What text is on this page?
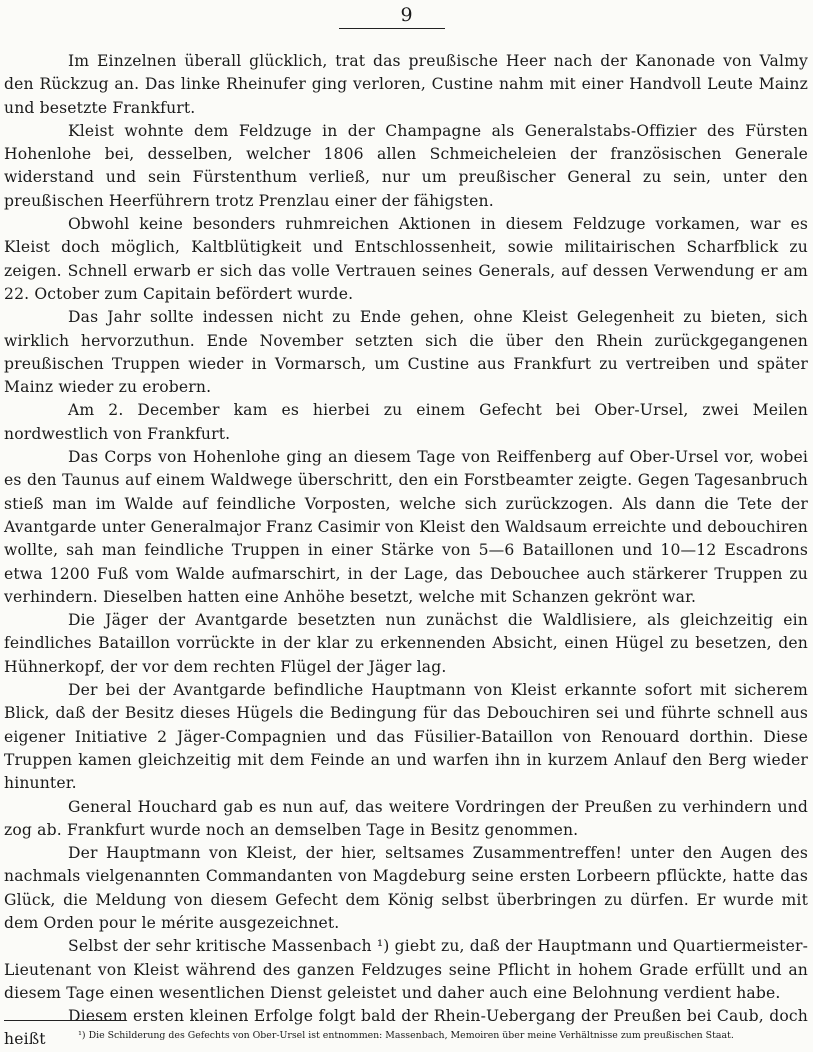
9

Im Einzelnen überall glücklich, trat das preußische Heer nach der Kanonade von Valmy den Rückzug an. Das linke Rheinufer ging verloren, Custine nahm mit einer Handvoll Leute Mainz und besetzte Frankfurt.

Kleist wohnte dem Feldzuge in der Champagne als Generalstabs-Offizier des Fürsten Hohenlohe bei, desselben, welcher 1806 allen Schmeicheleien der französischen Generale widerstand und sein Fürstenthum verließ, nur um preußischer General zu sein, unter den preußischen Heerführern trotz Prenzlau einer der fähigsten.

Obwohl keine besonders ruhmreichen Aktionen in diesem Feldzuge vorkamen, war es Kleist doch möglich, Kaltblütigkeit und Entschlossenheit, sowie militairischen Scharfblick zu zeigen. Schnell erwarb er sich das volle Vertrauen seines Generals, auf dessen Verwendung er am 22. October zum Capitain befördert wurde.

Das Jahr sollte indessen nicht zu Ende gehen, ohne Kleist Gelegenheit zu bieten, sich wirklich hervorzuthun. Ende November setzten sich die über den Rhein zurückgegangenen preußischen Truppen wieder in Vormarsch, um Custine aus Frankfurt zu vertreiben und später Mainz wieder zu erobern.

Am 2. December kam es hierbei zu einem Gefecht bei Ober-Ursel, zwei Meilen nordwestlich von Frankfurt.

Das Corps von Hohenlohe ging an diesem Tage von Reiffenberg auf Ober-Ursel vor, wobei es den Taunus auf einem Waldwege überschritt, den ein Forstbeamter zeigte. Gegen Tagesanbruch stieß man im Walde auf feindliche Vorposten, welche sich zurückzogen. Als dann die Tete der Avantgarde unter Generalmajor Franz Casimir von Kleist den Waldsaum erreichte und debouchiren wollte, sah man feindliche Truppen in einer Stärke von 5—6 Bataillonen und 10—12 Escadrons etwa 1200 Fuß vom Walde aufmarschirt, in der Lage, das Debouchee auch stärkerer Truppen zu verhindern. Dieselben hatten eine Anhöhe besetzt, welche mit Schanzen gekrönt war.

Die Jäger der Avantgarde besetzten nun zunächst die Waldlisiere, als gleichzeitig ein feindliches Bataillon vorrückte in der klar zu erkennenden Absicht, einen Hügel zu besetzen, den Hühnerkopf, der vor dem rechten Flügel der Jäger lag.

Der bei der Avantgarde befindliche Hauptmann von Kleist erkannte sofort mit sicherem Blick, daß der Besitz dieses Hügels die Bedingung für das Debouchiren sei und führte schnell aus eigener Initiative 2 Jäger-Compagnien und das Füsilier-Bataillon von Renouard dorthin. Diese Truppen kamen gleichzeitig mit dem Feinde an und warfen ihn in kurzem Anlauf den Berg wieder hinunter.

General Houchard gab es nun auf, das weitere Vordringen der Preußen zu verhindern und zog ab. Frankfurt wurde noch an demselben Tage in Besitz genommen.

Der Hauptmann von Kleist, der hier, seltsames Zusammentreffen! unter den Augen des nachmals vielgenannten Commandanten von Magdeburg seine ersten Lorbeern pflückte, hatte das Glück, die Meldung von diesem Gefecht dem König selbst überbringen zu dürfen. Er wurde mit dem Orden pour le mérite ausgezeichnet.

Selbst der sehr kritische Massenbach ¹) giebt zu, daß der Hauptmann und Quartiermeister-Lieutenant von Kleist während des ganzen Feldzuges seine Pflicht in hohem Grade erfüllt und an diesem Tage einen wesentlichen Dienst geleistet und daher auch eine Belohnung verdient habe.

Diesem ersten kleinen Erfolge folgt bald der Rhein-Uebergang der Preußen bei Caub, doch heißt	¹) Die Schilderung des Gefechts von Ober-Ursel ist entnommen: Massenbach, Memoiren über meine Verhältnisse zum preußischen Staat.
